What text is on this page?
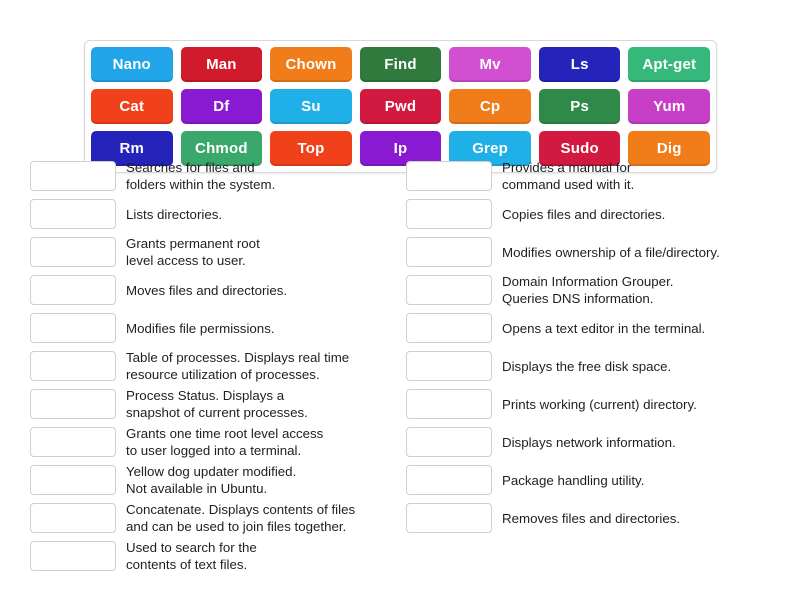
Nano	Man	Chown	Find	Mv	Ls	Apt-get
Cat	Df	Su	Pwd	Cp	Ps	Yum
Rm	Chmod	Top	Ip	Grep	Sudo	Dig
Searches for files and
folders within the system.
Lists directories.
Grants permanent root
level access to user.
Moves files and directories.
Modifies file permissions.
Table of processes. Displays real time
resource utilization of processes.
Process Status. Displays a
snapshot of current processes.
Grants one time root level access
to user logged into a terminal.
Yellow dog updater modified.
Not available in Ubuntu.
Concatenate. Displays contents of files
and can be used to join files together.
Used to search for the
contents of text files.
Provides a manual for
command used with it.
Copies files and directories.
Modifies ownership of a file/directory.
Domain Information Grouper.
Queries DNS information.
Opens a text editor in the terminal.
Displays the free disk space.
Prints working (current) directory.
Displays network information.
Package handling utility.
Removes files and directories.
